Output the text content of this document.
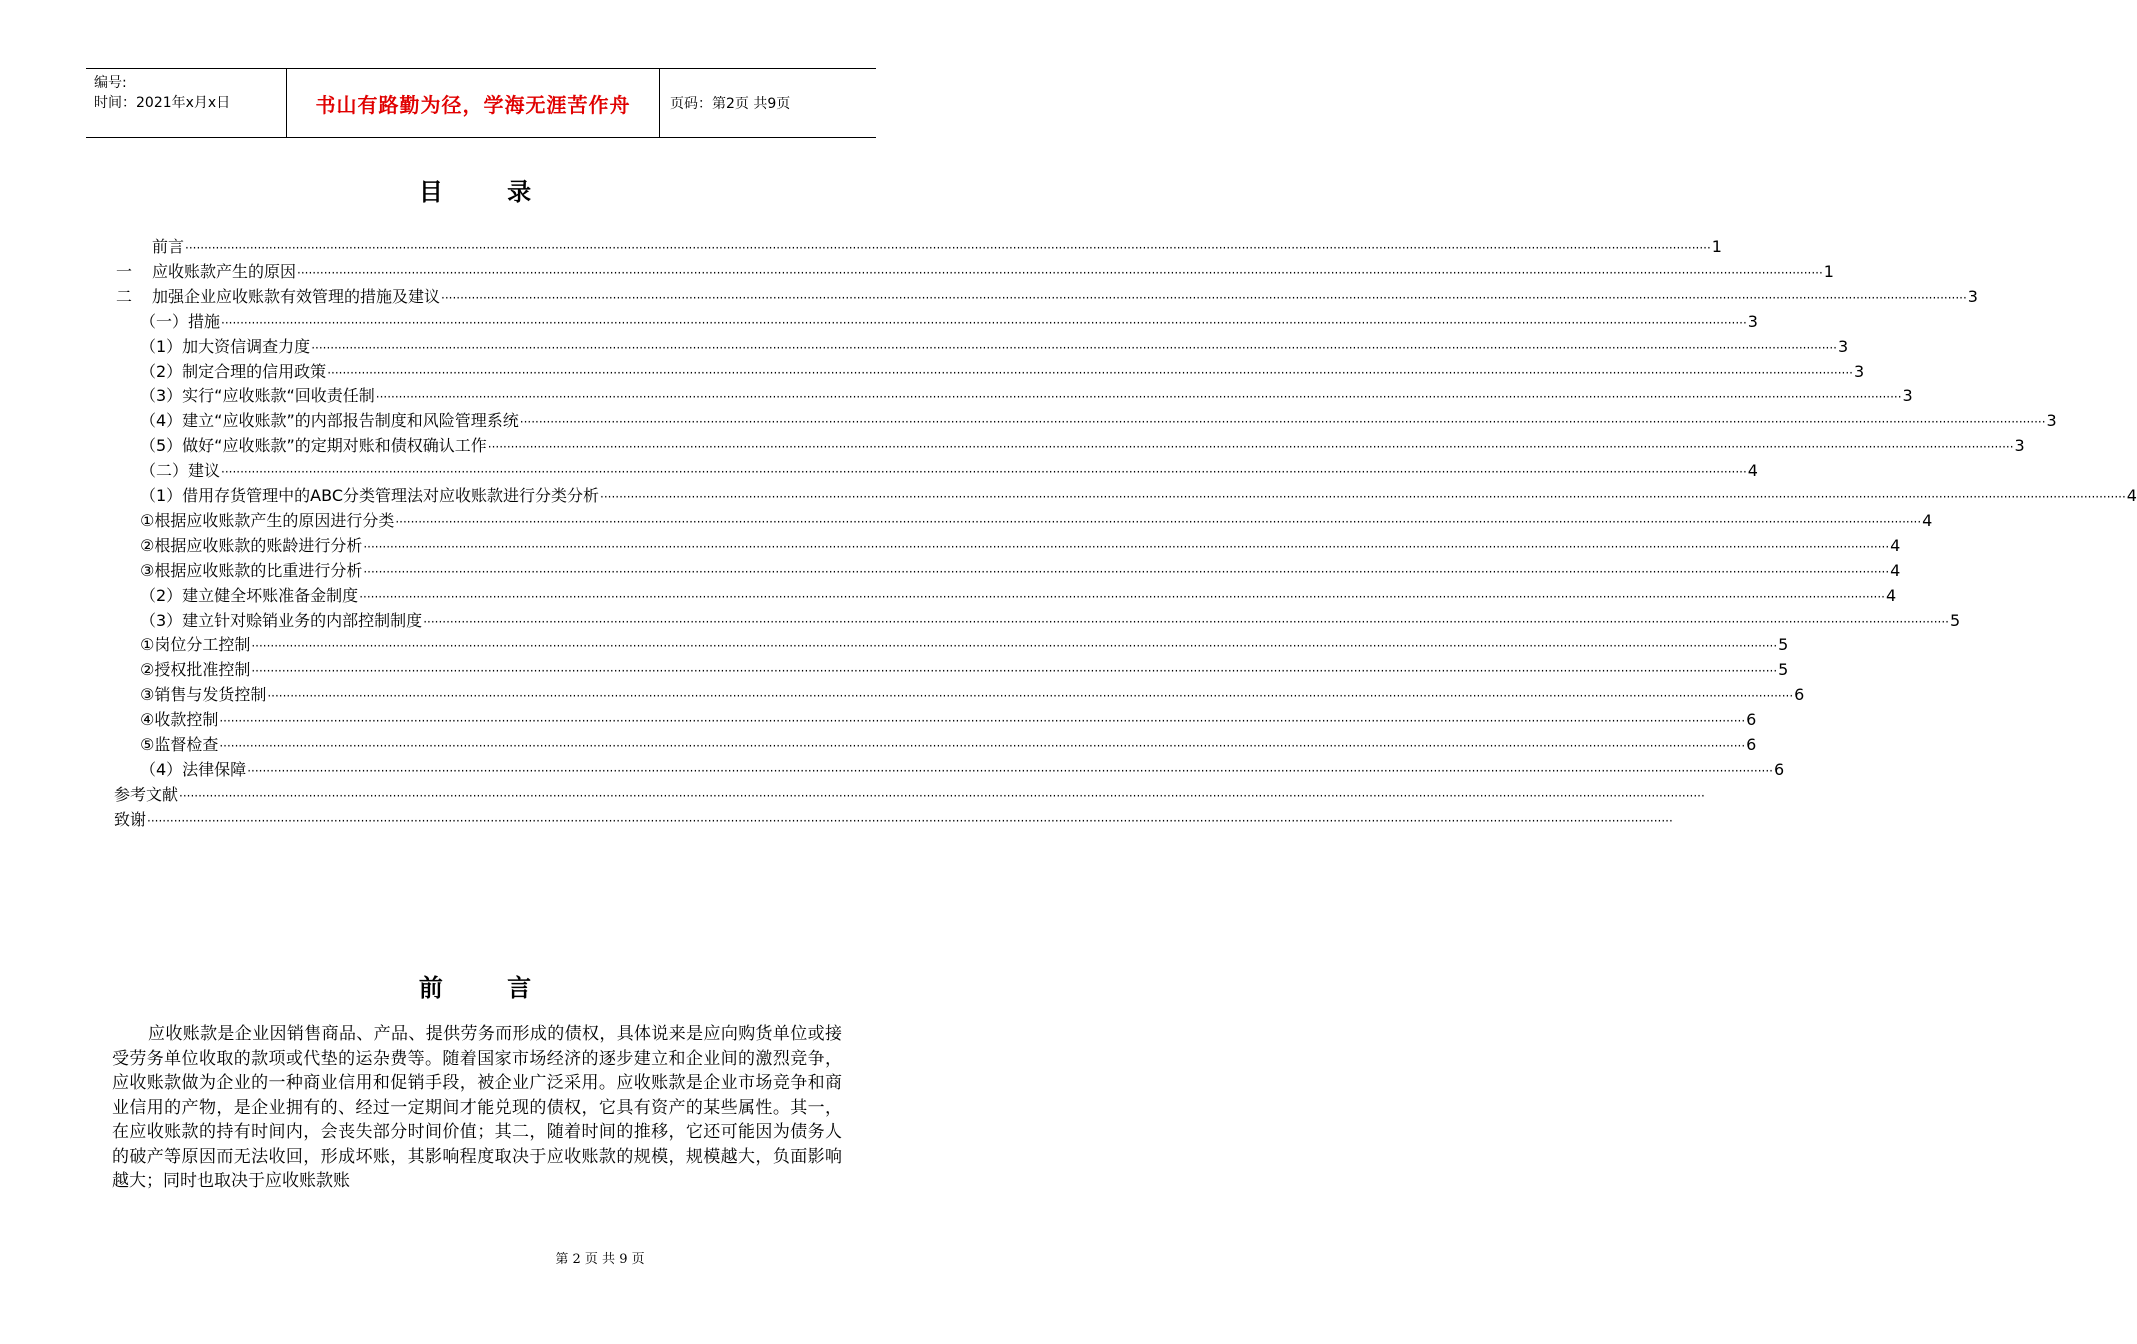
编号:
时间：2021年x月x日	书山有路勤为径，学海无涯苦作舟	页码：第2页 共9页
目 录
前言 ················································································································································································································································································································································································································ 1
一 应收账款产生的原因 ················································································································································································································································································································································································································ 1
二 加强企业应收账款有效管理的措施及建议 ················································································································································································································································································································································································································ 3
（一）措施 ················································································································································································································································································································································································································ 3
（1）加大资信调查力度 ················································································································································································································································································································································································································ 3
（2）制定合理的信用政策 ················································································································································································································································································································································································································ 3
（3）实行“应收账款“回收责任制 ················································································································································································································································································································································································································ 3
（4）建立“应收账款”的内部报告制度和风险管理系统 ················································································································································································································································································································································································································ 3
（5）做好“应收账款”的定期对账和债权确认工作 ················································································································································································································································································································································································································ 3
（二）建议 ················································································································································································································································································································································································································ 4
（1）借用存货管理中的ABC分类管理法对应收账款进行分类分析 ················································································································································································································································································································································································································ 4
①根据应收账款产生的原因进行分类 ················································································································································································································································································································································································································ 4
②根据应收账款的账龄进行分析 ················································································································································································································································································································································································································ 4
③根据应收账款的比重进行分析 ················································································································································································································································································································································································································ 4
（2）建立健全坏账准备金制度 ················································································································································································································································································································································································································ 4
（3）建立针对赊销业务的内部控制制度 ················································································································································································································································································································································································································ 5
①岗位分工控制 ················································································································································································································································································································································································································ 5
②授权批准控制 ················································································································································································································································································································································································································ 5
③销售与发货控制 ················································································································································································································································································································································································································ 6
④收款控制 ················································································································································································································································································································································································································ 6
⑤监督检查 ················································································································································································································································································································································································································ 6
（4）法律保障 ················································································································································································································································································································································································································ 6
参考文献 ················································································································································································································································································································································································································
致谢 ················································································································································································································································································································································································································
前 言

应收账款是企业因销售商品、产品、提供劳务而形成的债权，具体说来是应向购货单位或接受劳务单位收取的款项或代垫的运杂费等。随着国家市场经济的逐步建立和企业间的激烈竞争，应收账款做为企业的一种商业信用和促销手段，被企业广泛采用。应收账款是企业市场竞争和商业信用的产物，是企业拥有的、经过一定期间才能兑现的债权，它具有资产的某些属性。其一，在应收账款的持有时间内，会丧失部分时间价值；其二，随着时间的推移，它还可能因为债务人的破产等原因而无法收回，形成坏账，其影响程度取决于应收账款的规模，规模越大，负面影响越大；同时也取决于应收账款账

第 2 页 共 9 页
